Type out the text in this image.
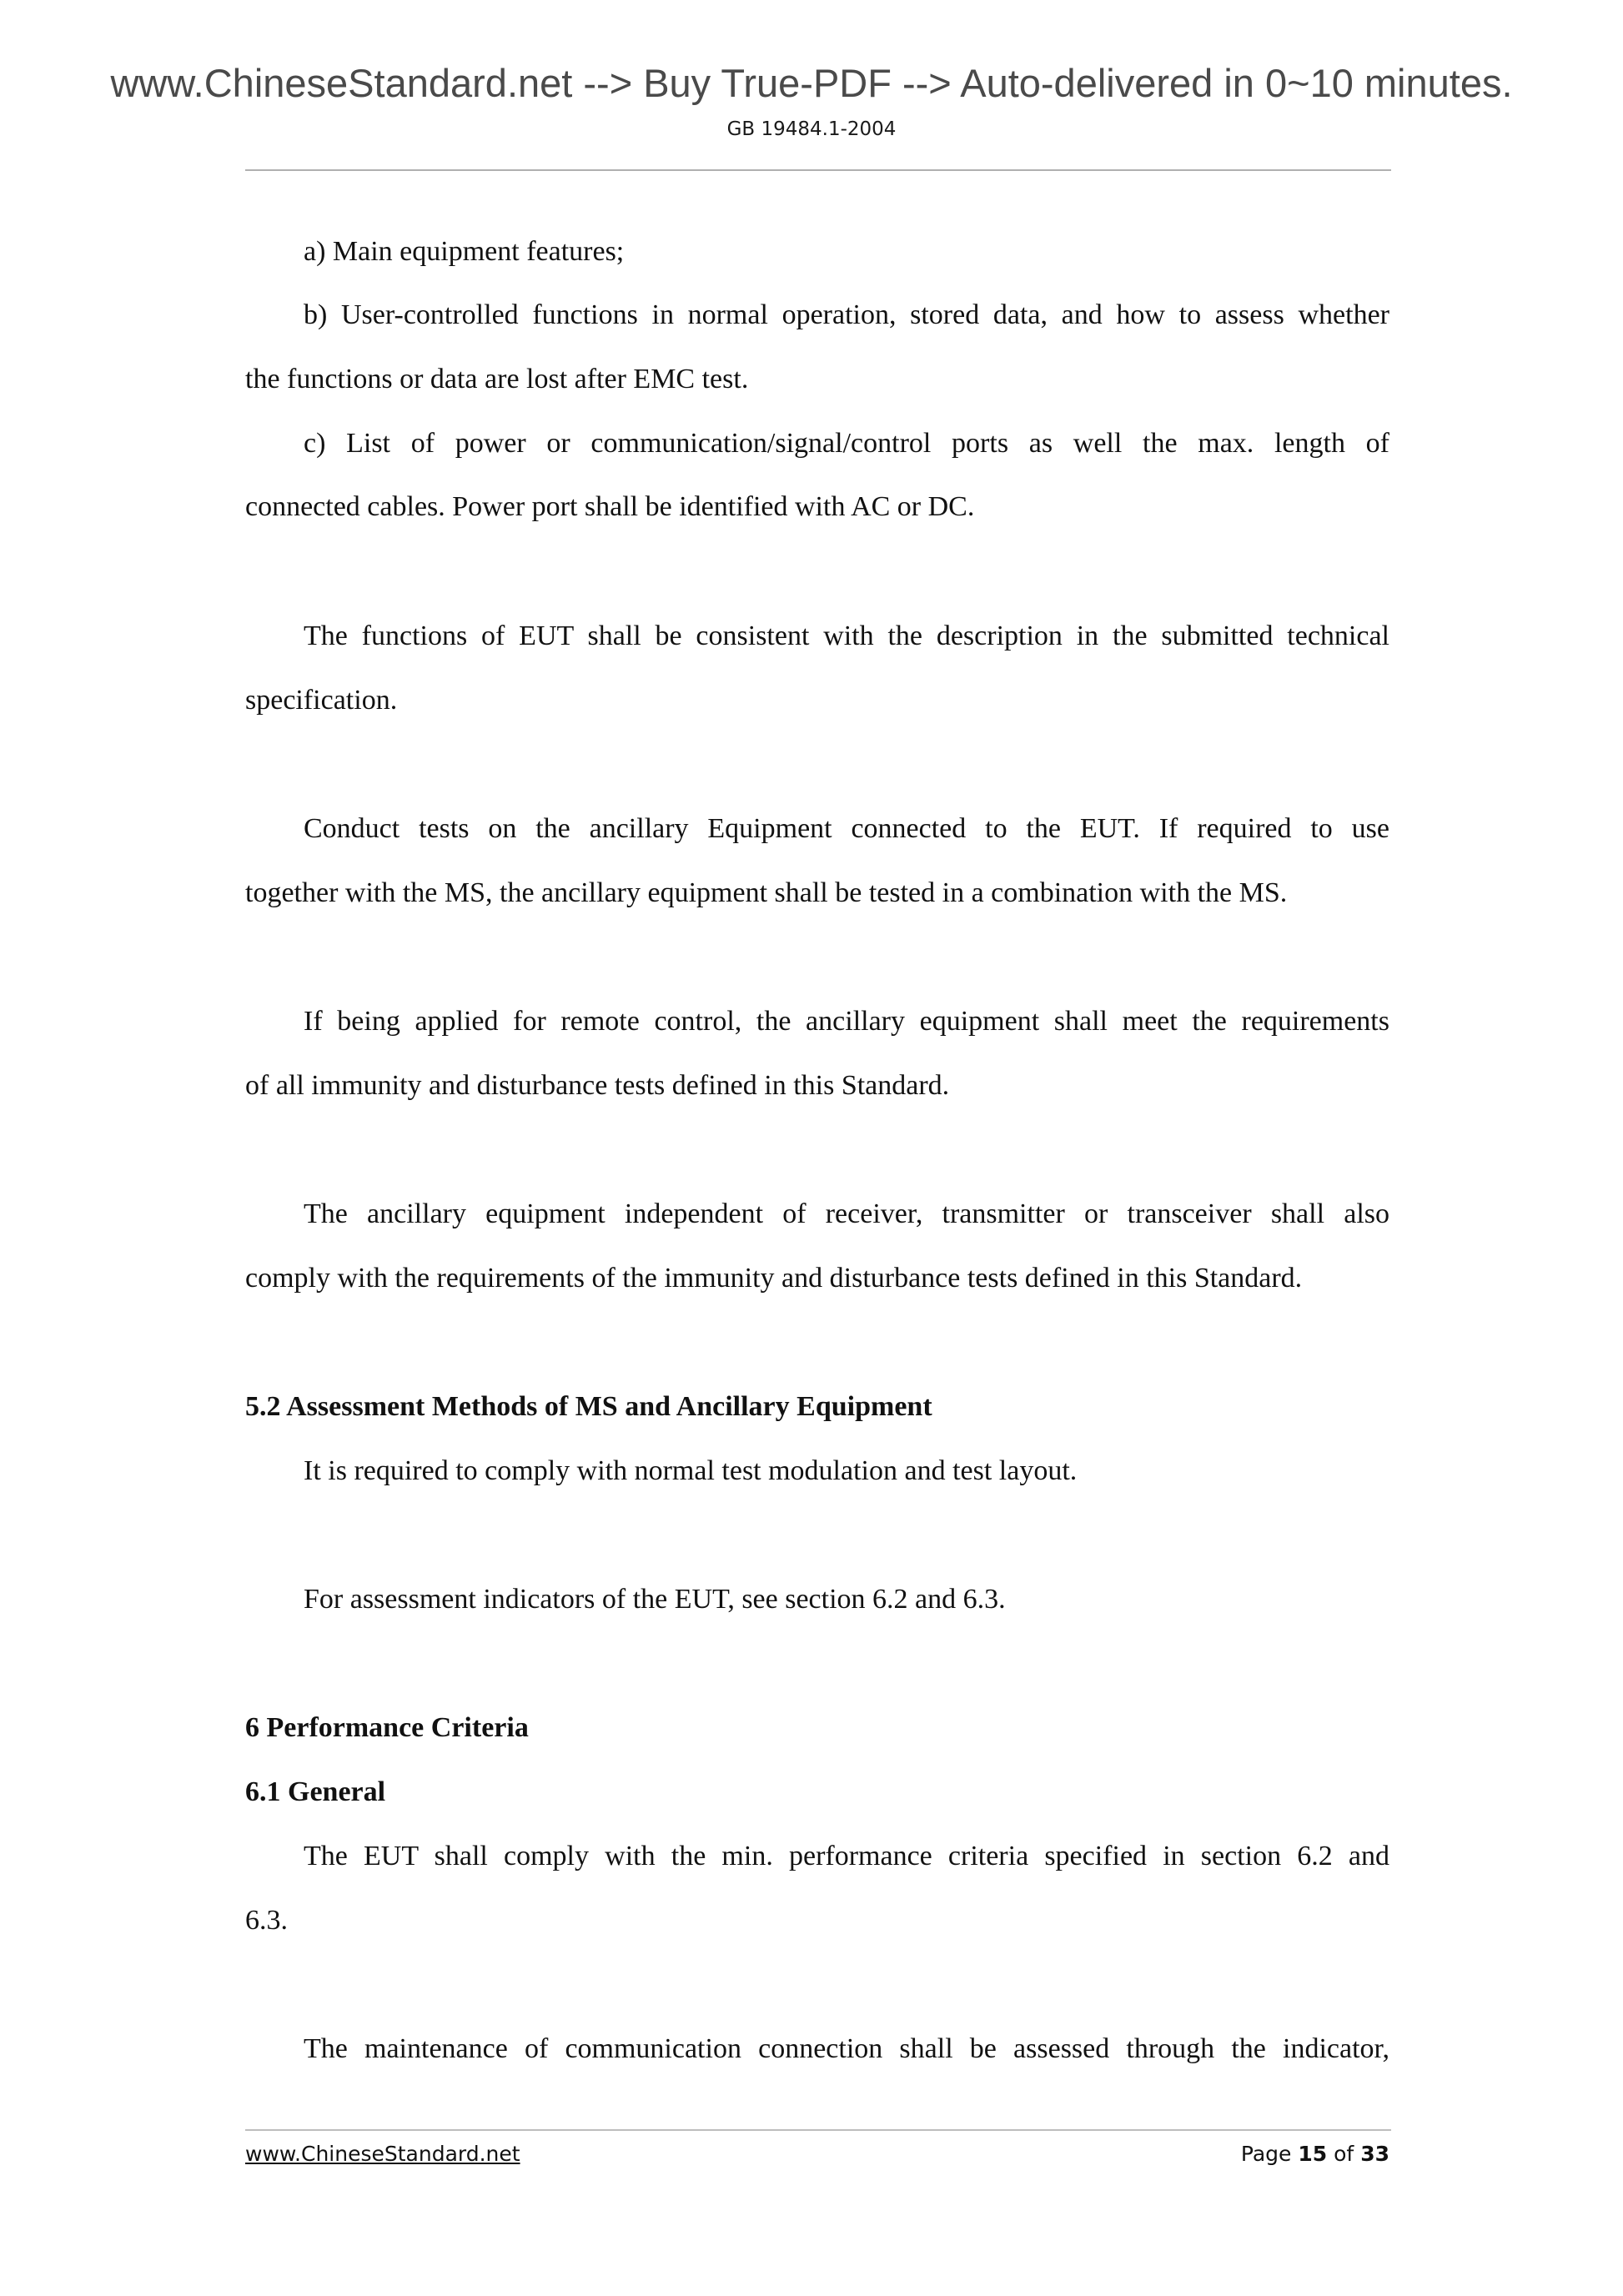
www.ChineseStandard.net --> Buy True-PDF --> Auto-delivered in 0~10 minutes.
GB 19484.1-2004
a) Main equipment features;
b) User-controlled functions in normal operation, stored data, and how to assess whether
the functions or data are lost after EMC test.
c) List of power or communication/signal/control ports as well the max. length of
connected cables. Power port shall be identified with AC or DC.
The functions of EUT shall be consistent with the description in the submitted technical
specification.
Conduct tests on the ancillary Equipment connected to the EUT. If required to use
together with the MS, the ancillary equipment shall be tested in a combination with the MS.
If being applied for remote control, the ancillary equipment shall meet the requirements
of all immunity and disturbance tests defined in this Standard.
The ancillary equipment independent of receiver, transmitter or transceiver shall also
comply with the requirements of the immunity and disturbance tests defined in this Standard.
5.2 Assessment Methods of MS and Ancillary Equipment
It is required to comply with normal test modulation and test layout.
For assessment indicators of the EUT, see section 6.2 and 6.3.
6 Performance Criteria
6.1 General
The EUT shall comply with the min. performance criteria specified in section 6.2 and
6.3.
The maintenance of communication connection shall be assessed through the indicator,
www.ChineseStandard.net	Page 15 of 33
